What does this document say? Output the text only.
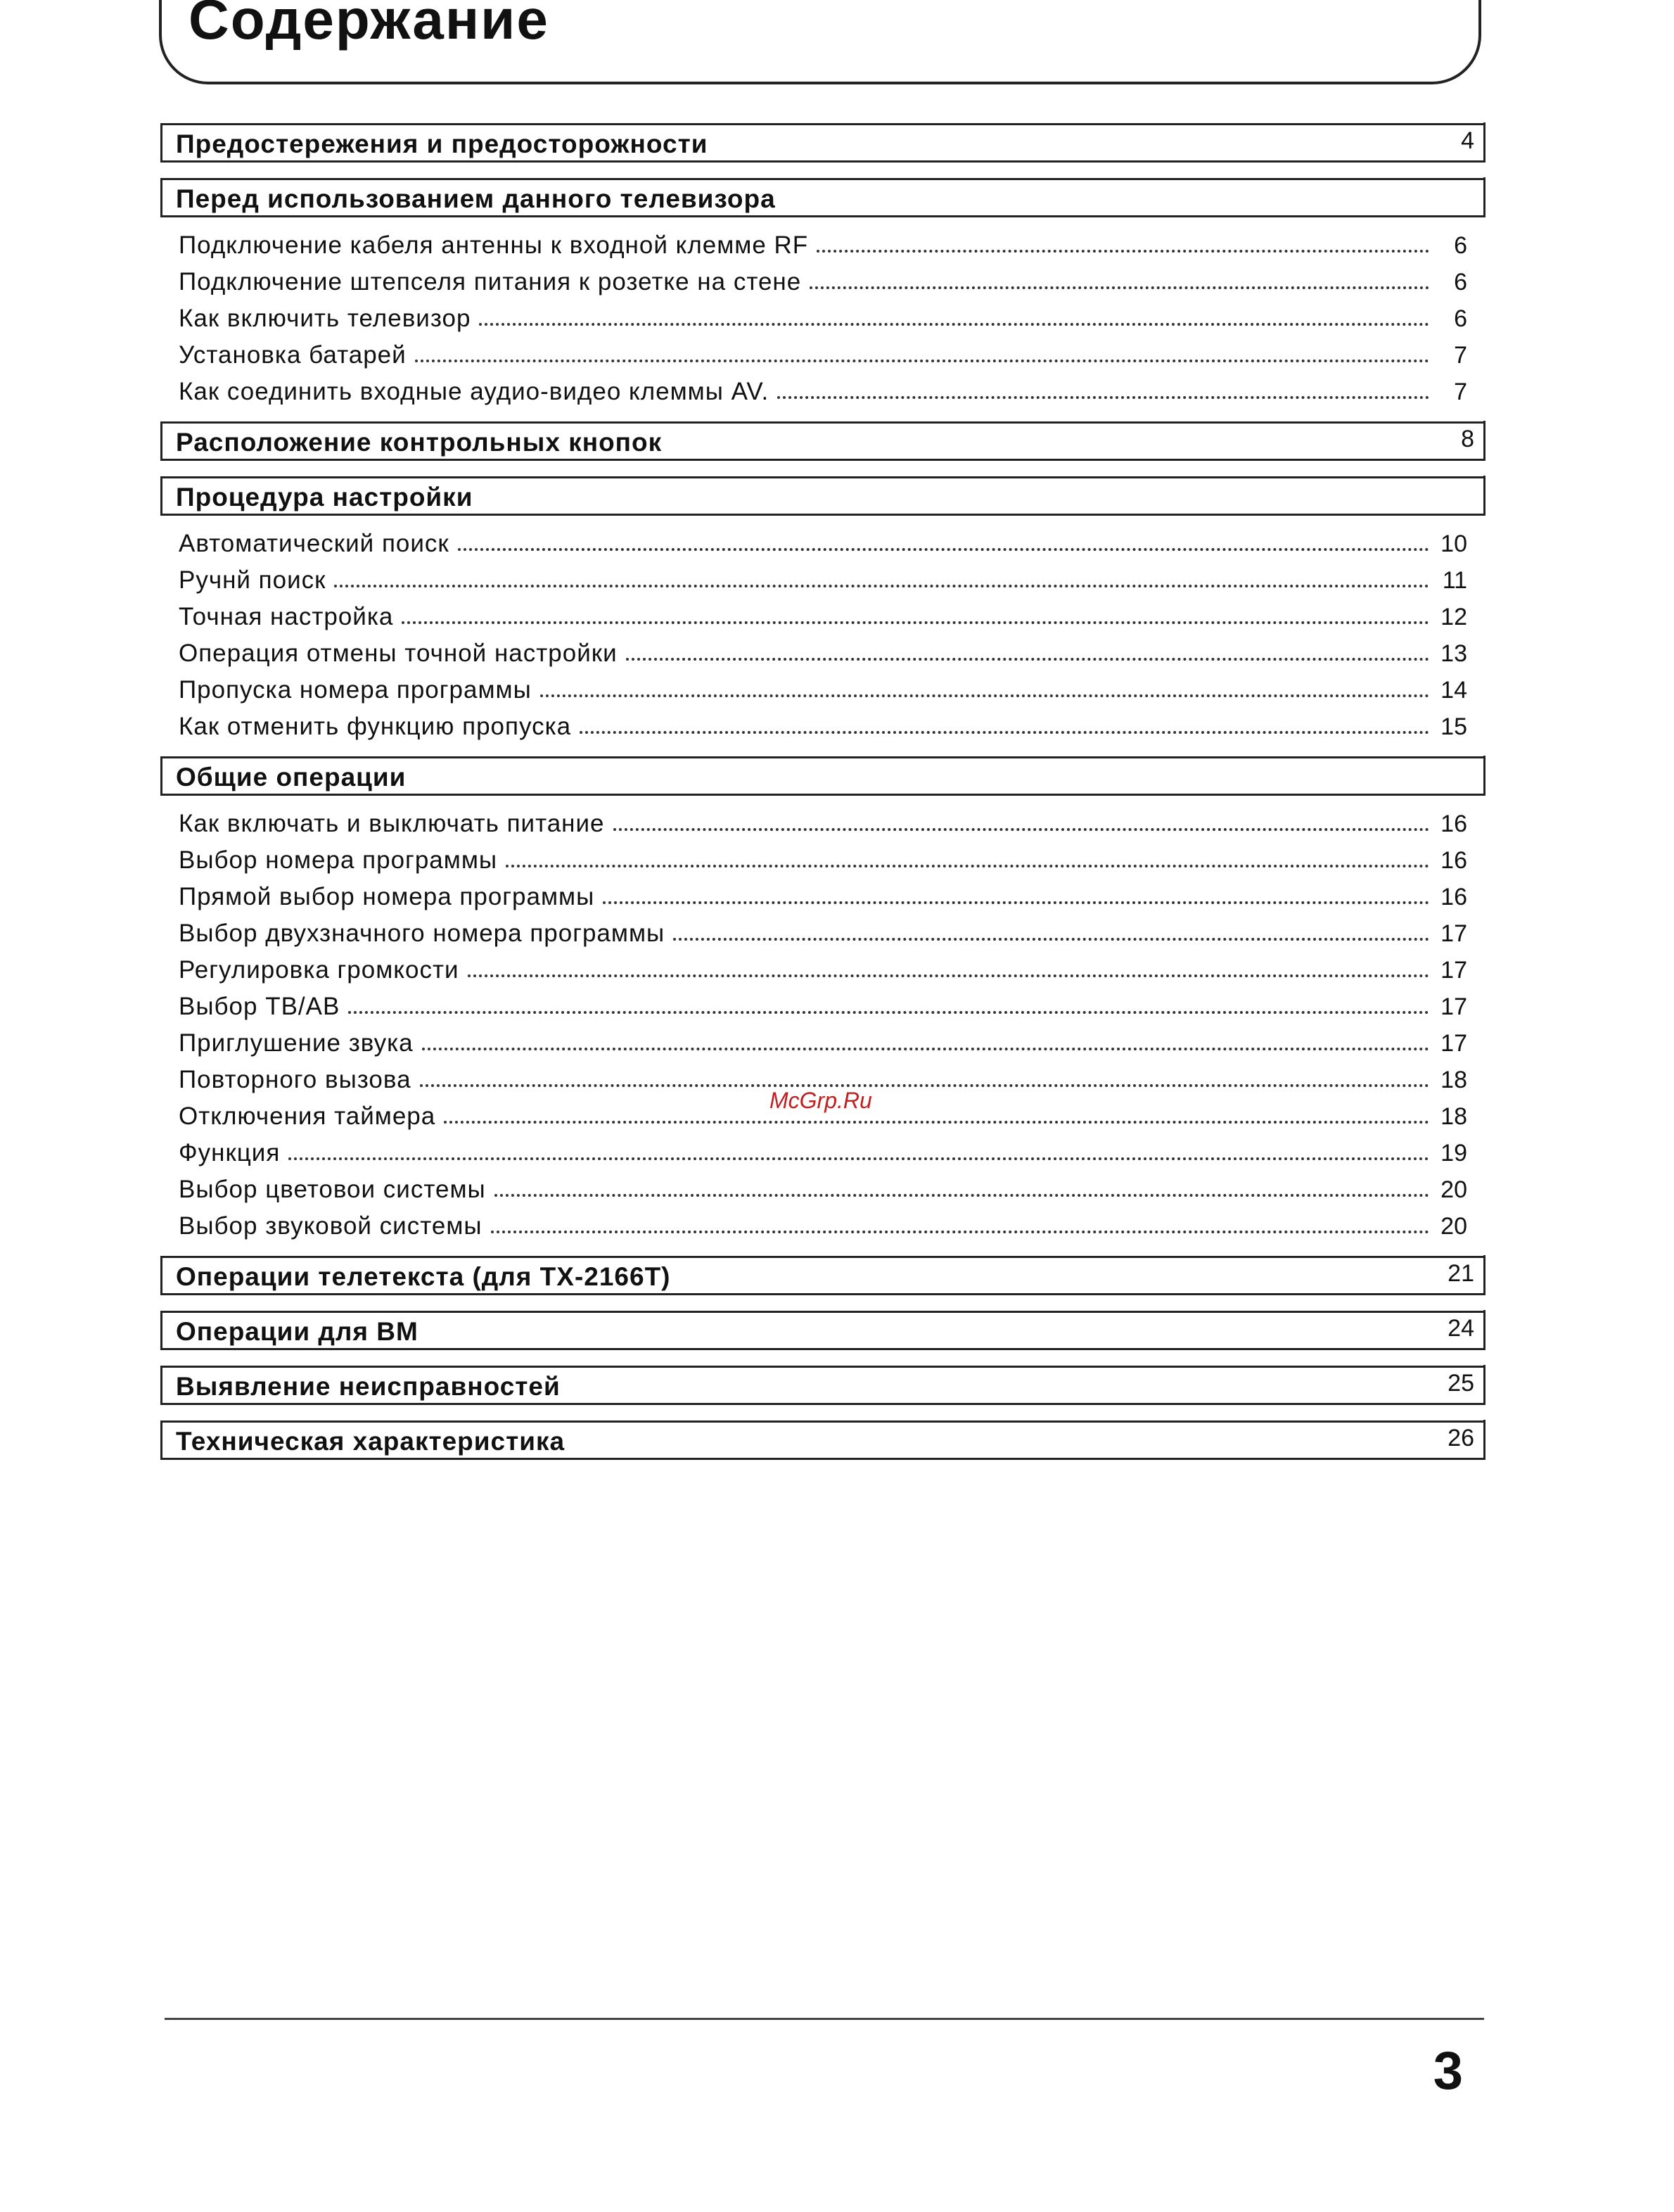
Содержание
Предостережения и предосторожности	4
Перед использованием данного телевизора
Подключение кабеля антенны к входной клемме RF	6
Подключение штепселя питания к розетке на стене	6
Как включить телевизор	6
Установка батарей	7
Как соединить входные аудио-видео клеммы AV.	7
Расположение контрольных кнопок	8
Процедура настройки
Автоматический поиск	10
Ручнй поиск	11
Точная настройка	12
Операция отмены точной настройки	13
Пропуска номера программы	14
Как отменить функцию пропуска	15
Общие операции
Как включать и выключать питание	16
Выбор номера программы	16
Прямой выбор номера программы	16
Выбор двухзначного номера программы	17
Регулировка громкости	17
Выбор ТВ/АВ	17
Приглушение звука	17
Повторного вызова	18
Отключения таймера	18
Функция	19
Выбор цветовои системы	20
Выбор звуковой системы	20
Операции телетекста (для TX-2166T)	21
Операции для ВМ	24
Выявление неисправностей	25
Техническая характеристика	26
McGrp.Ru
3
